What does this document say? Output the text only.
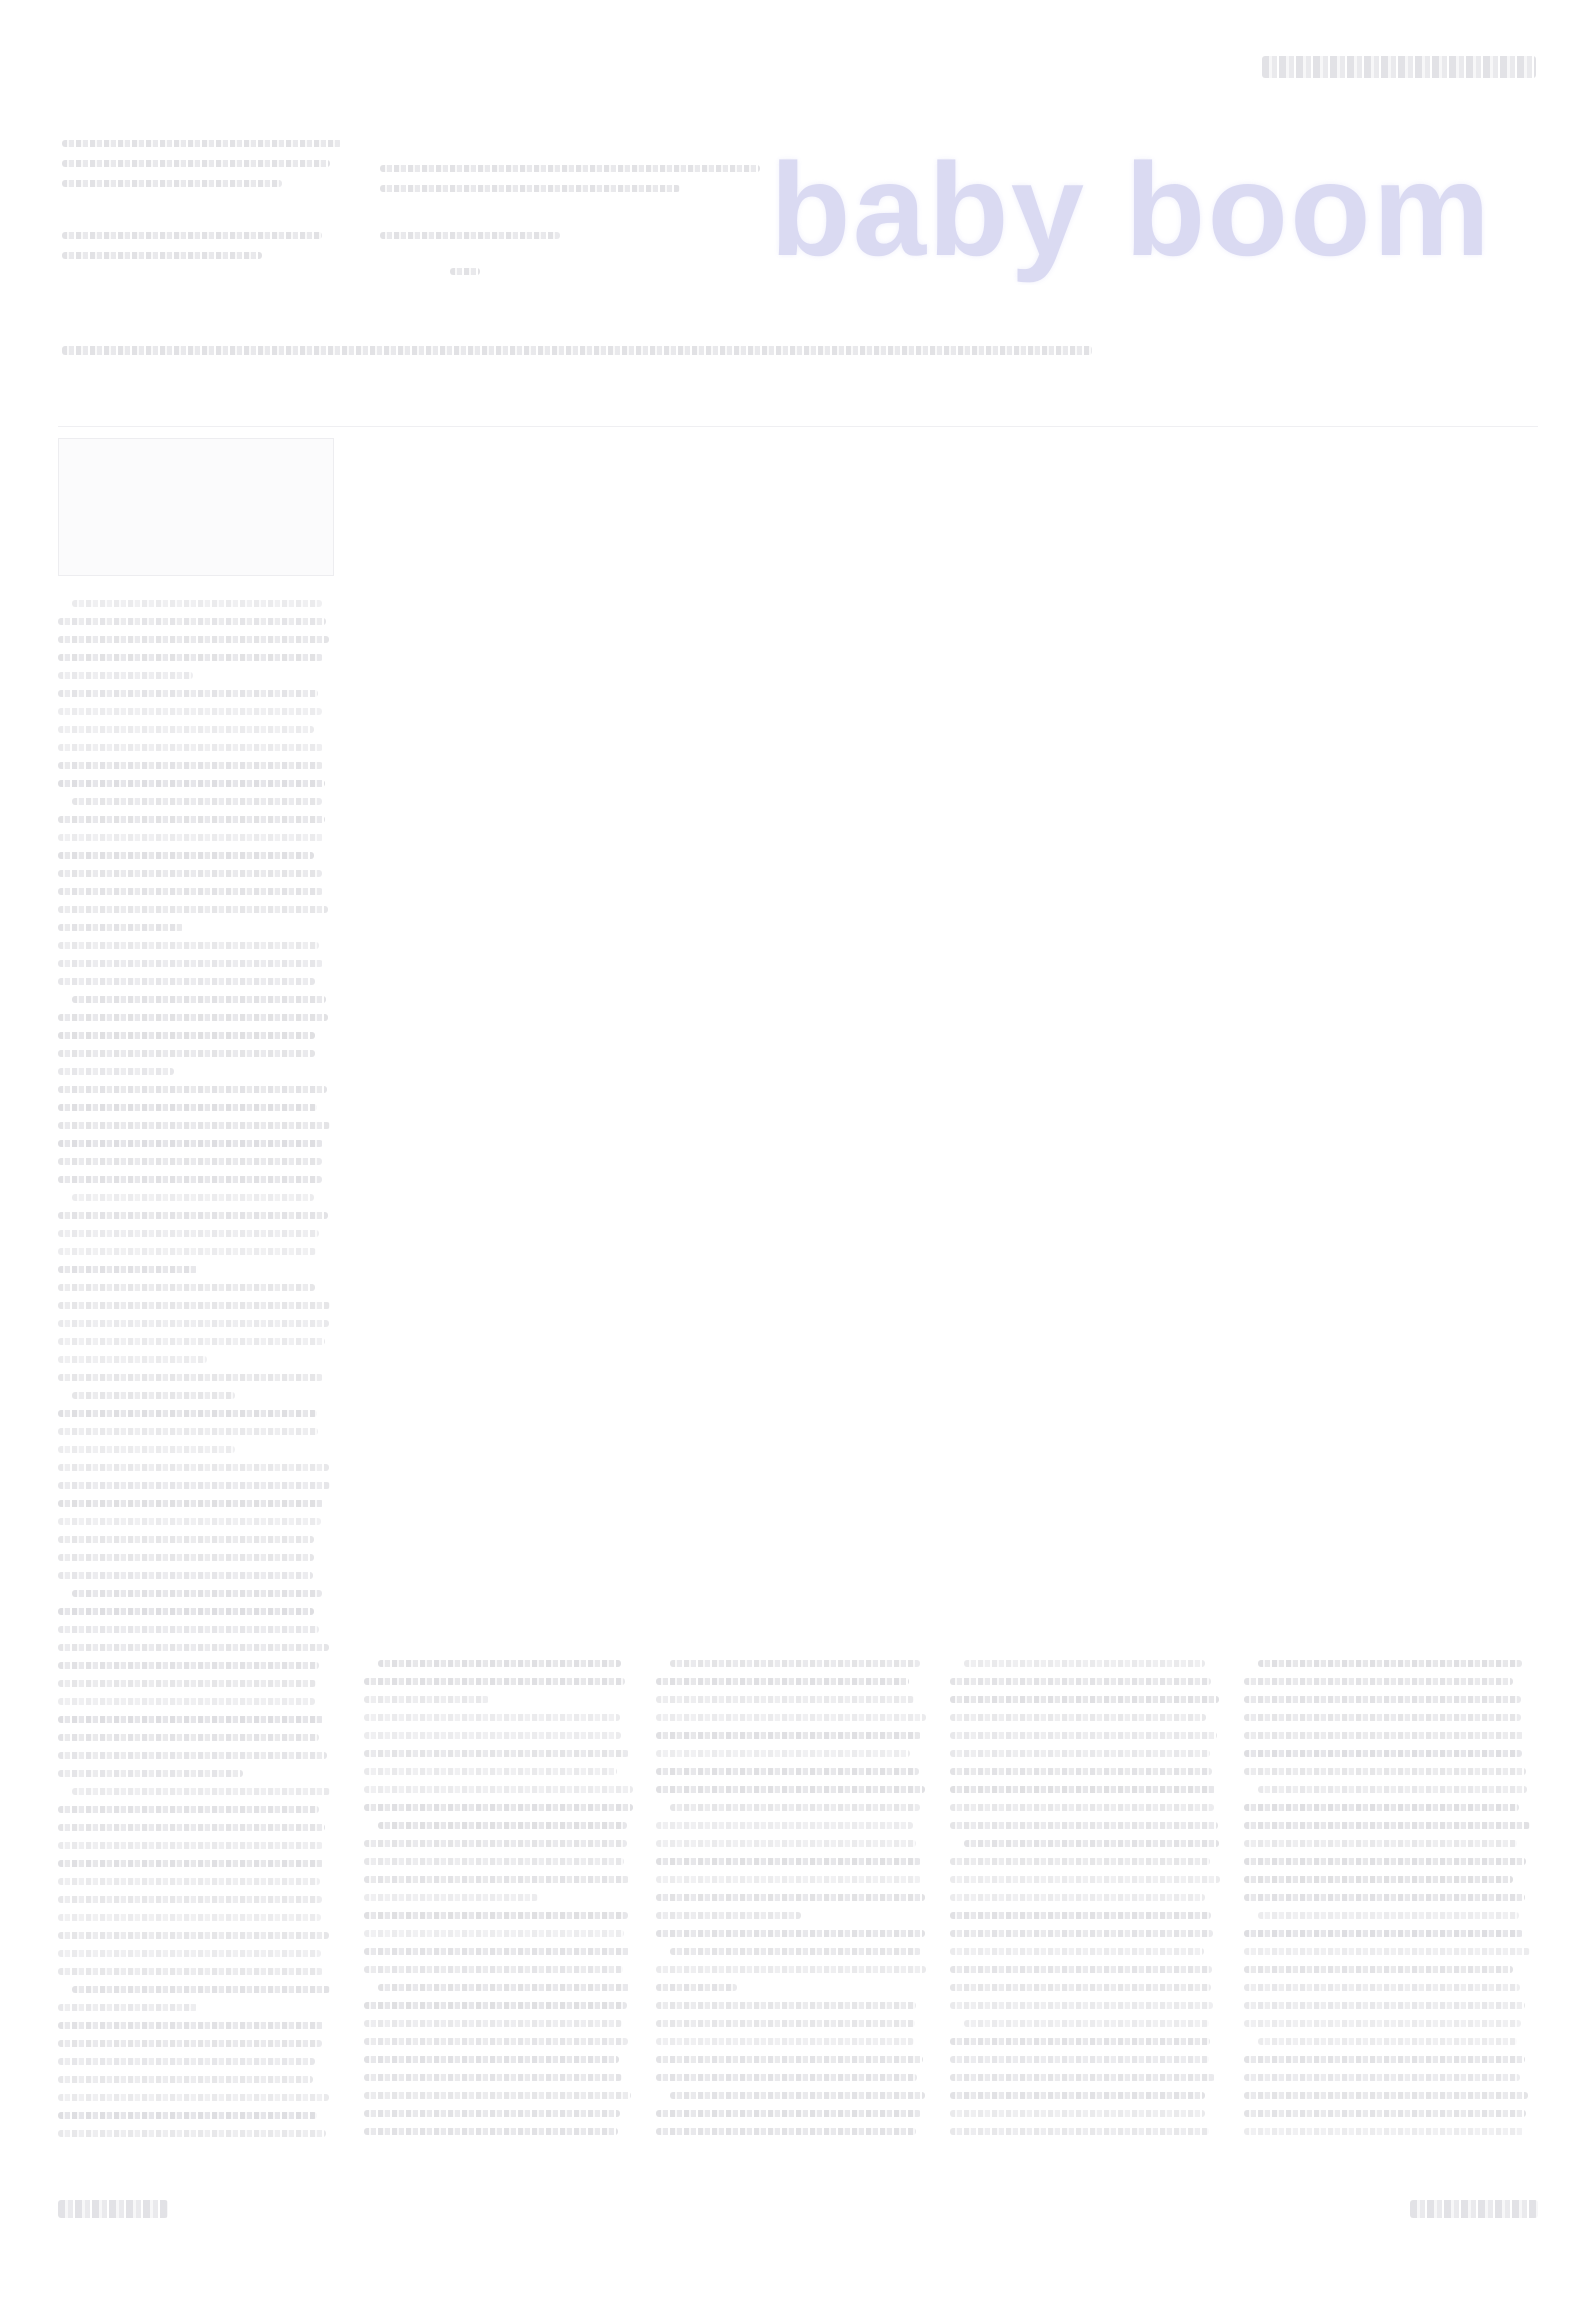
baby boom
